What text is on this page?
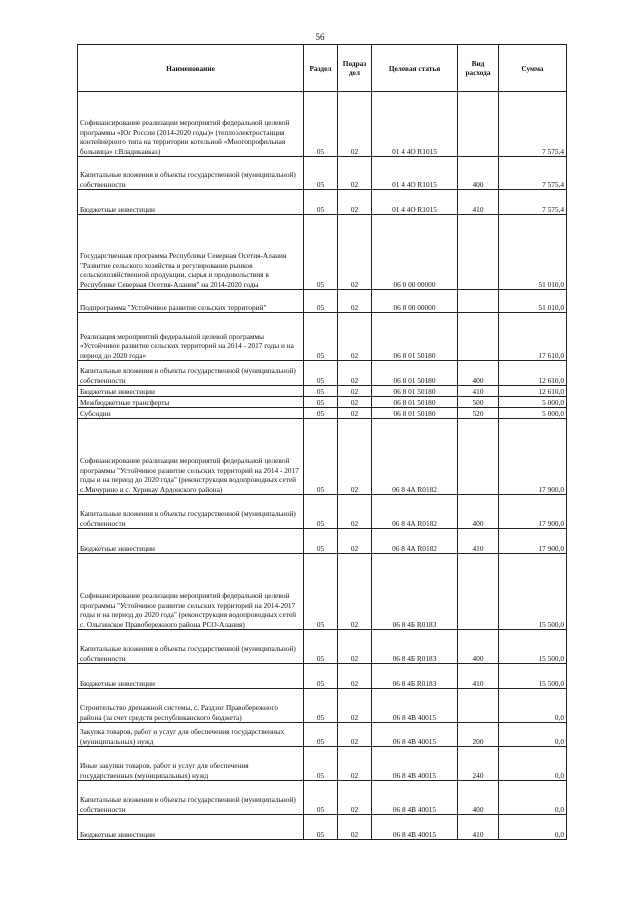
56
Наименование	Раздел	Подраз дел	Целевая статья	Вид расхода	Сумма
Софинансирование реализации мероприятий федеральной целевой программы «Юг России (2014-2020 годы)» (теплоэлектростанция контейнерного типа на территории котельной «Многопрофильная больница» г.Владикавказ)	05	02	01 4 4О R1015		7 575,4
Капитальные вложения в объекты государственной (муниципальной) собственности	05	02	01 4 4О R1015	400	7 575,4
Бюджетные инвестиции	05	02	01 4 4О R1015	410	7 575,4
Государственная программа Республики Северная Осетия-Алания "Развитие сельского хозяйства и регулирование рынков сельскохозяйственной продукции, сырья и продовольствия в Республике Северная Осетия-Алания" на 2014-2020 годы	05	02	06 0 00 00000		51 010,0
Подпрограмма "Устойчивое развитие сельских территорий"	05	02	06 8 00 00000		51 010,0
Реализация мероприятий федеральной целевой программы «Устойчивое развитие сельских территорий на 2014 - 2017 годы и на период до 2020 года»	05	02	06 8 01 50180		17 610,0
Капитальные вложения в объекты государственной (муниципальной) собственности	05	02	06 8 01 50180	400	12 610,0
Бюджетные инвестиции	05	02	06 8 01 50180	410	12 610,0
Межбюджетные трансферты	05	02	06 8 01 50180	500	5 000,0
Субсидии	05	02	06 8 01 50180	520	5 000,0
Софинансирование реализации мероприятий федеральной целевой программы "Устойчивое развитие сельских территорий на 2014 - 2017 годы и на период до 2020 года" (реконструкция водопроводных сетей с.Мичурино и с. Хурикау Ардонского района)	05	02	06 8 4А R0182		17 900,0
Капитальные вложения в объекты государственной (муниципальной) собственности	05	02	06 8 4А R0182	400	17 900,0
Бюджетные инвестиции	05	02	06 8 4А R0182	410	17 900,0
Софинансирование реализации мероприятий федеральной целевой программы "Устойчивое развитие сельских территорий на 2014-2017 годы и на период до 2020 года" (реконструкция водопроводных сетей с. Ольгинское Правобережного района РСО-Алания)	05	02	06 8 4Б R0183		15 500,0
Капитальные вложения в объекты государственной (муниципальной) собственности	05	02	06 8 4Б R0183	400	15 500,0
Бюджетные инвестиции	05	02	06 8 4Б R0183	410	15 500,0
Строительство дренажной системы, с. Раздзог Правобережного района (за счет средств республиканского бюджета)	05	02	06 8 4В 40015		0,0
Закупка товаров, работ и услуг для обеспечения государственных (муниципальных) нужд	05	02	06 8 4В 40015	200	0,0
Иные закупки товаров, работ и услуг для обеспечения государственных (муниципальных) нужд	05	02	06 8 4В 40015	240	0,0
Капитальные вложения в объекты государственной (муниципальной) собственности	05	02	06 8 4В 40015	400	0,0
Бюджетные инвестиции	05	02	06 8 4В 40015	410	0,0
